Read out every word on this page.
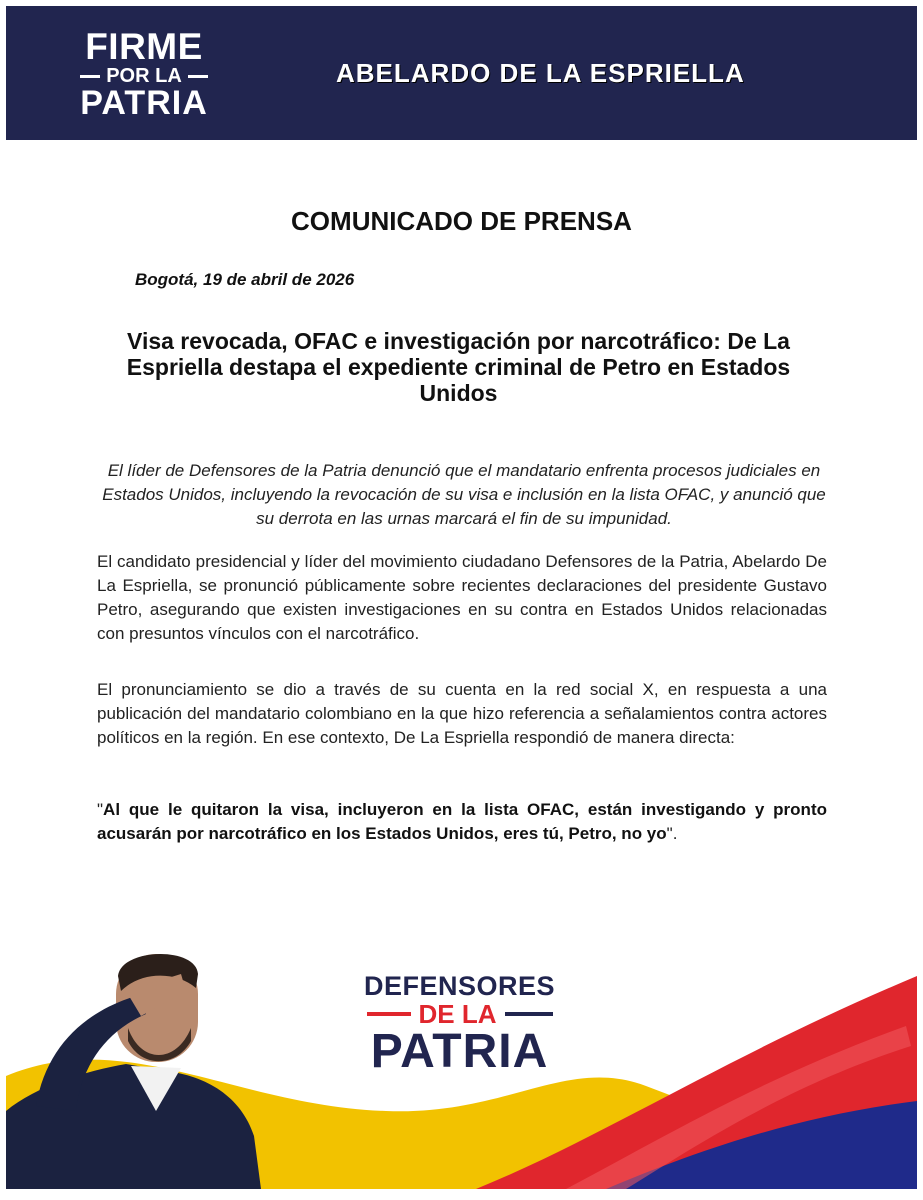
FIRME
POR LA
PATRIA
ABELARDO DE LA ESPRIELLA
COMUNICADO DE PRENSA
Bogotá, 19 de abril de 2026
Visa revocada, OFAC e investigación por narcotráfico: De La Espriella destapa el expediente criminal de Petro en Estados Unidos
El líder de Defensores de la Patria denunció que el mandatario enfrenta procesos judiciales en Estados Unidos, incluyendo la revocación de su visa e inclusión en la lista OFAC, y anunció que su derrota en las urnas marcará el fin de su impunidad.
El candidato presidencial y líder del movimiento ciudadano Defensores de la Patria, Abelardo De La Espriella, se pronunció públicamente sobre recientes declaraciones del presidente Gustavo Petro, asegurando que existen investigaciones en su contra en Estados Unidos relacionadas con presuntos vínculos con el narcotráfico.
El pronunciamiento se dio a través de su cuenta en la red social X, en respuesta a una publicación del mandatario colombiano en la que hizo referencia a señalamientos contra actores políticos en la región. En ese contexto, De La Espriella respondió de manera directa:
"Al que le quitaron la visa, incluyeron en la lista OFAC, están investigando y pronto acusarán por narcotráfico en los Estados Unidos, eres tú, Petro, no yo".
DEFENSORES
DE LA
PATRIA
